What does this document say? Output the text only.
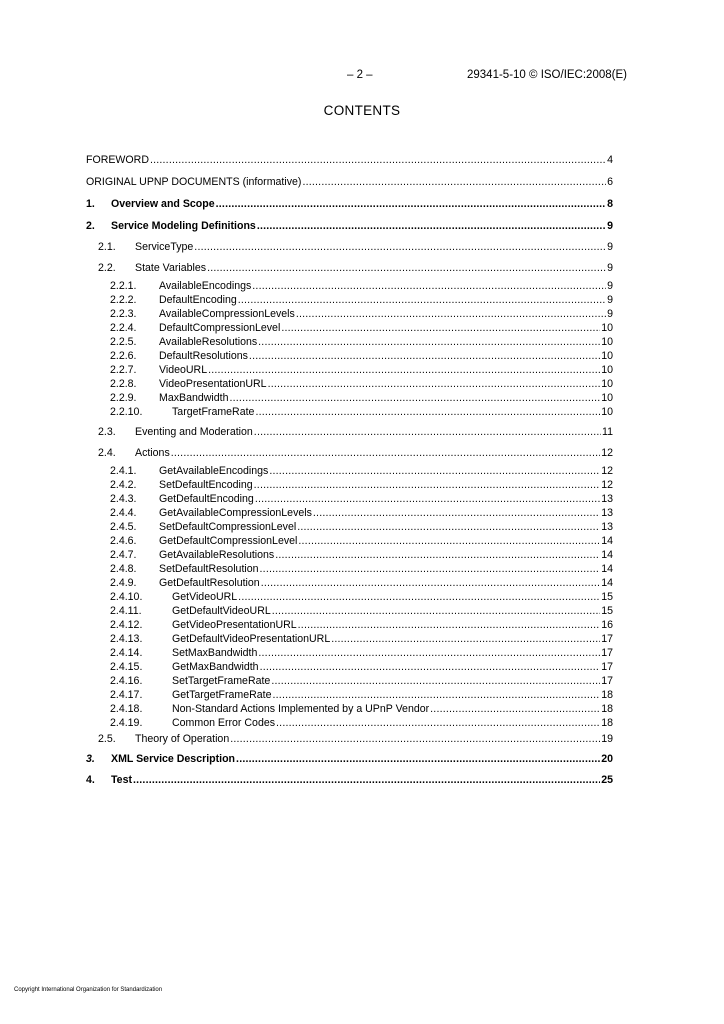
– 2 –	29341-5-10 © ISO/IEC:2008(E)
CONTENTS
FOREWORD .....	4
ORIGINAL UPNP DOCUMENTS (informative) .....	6
1.	Overview and Scope .....	8
2.	Service Modeling Definitions .....	9
2.1.	ServiceType .....	9
2.2.	State Variables .....	9
2.2.1.	AvailableEncodings .....	9
2.2.2.	DefaultEncoding .....	9
2.2.3.	AvailableCompressionLevels .....	9
2.2.4.	DefaultCompressionLevel .....	10
2.2.5.	AvailableResolutions .....	10
2.2.6.	DefaultResolutions .....	10
2.2.7.	VideoURL .....	10
2.2.8.	VideoPresentationURL .....	10
2.2.9.	MaxBandwidth .....	10
2.2.10.	TargetFrameRate .....	10
2.3.	Eventing and Moderation .....	11
2.4.	Actions .....	12
2.4.1.	GetAvailableEncodings .....	12
2.4.2.	SetDefaultEncoding .....	12
2.4.3.	GetDefaultEncoding .....	13
2.4.4.	GetAvailableCompressionLevels .....	13
2.4.5.	SetDefaultCompressionLevel .....	13
2.4.6.	GetDefaultCompressionLevel .....	14
2.4.7.	GetAvailableResolutions .....	14
2.4.8.	SetDefaultResolution .....	14
2.4.9.	GetDefaultResolution .....	14
2.4.10.	GetVideoURL .....	15
2.4.11.	GetDefaultVideoURL .....	15
2.4.12.	GetVideoPresentationURL .....	16
2.4.13.	GetDefaultVideoPresentationURL .....	17
2.4.14.	SetMaxBandwidth .....	17
2.4.15.	GetMaxBandwidth .....	17
2.4.16.	SetTargetFrameRate .....	17
2.4.17.	GetTargetFrameRate .....	18
2.4.18.	Non-Standard Actions Implemented by a UPnP Vendor .....	18
2.4.19.	Common Error Codes .....	18
2.5.	Theory of Operation .....	19
3.	XML Service Description .....	20
4.	Test .....	25
Copyright International Organization for Standardization
